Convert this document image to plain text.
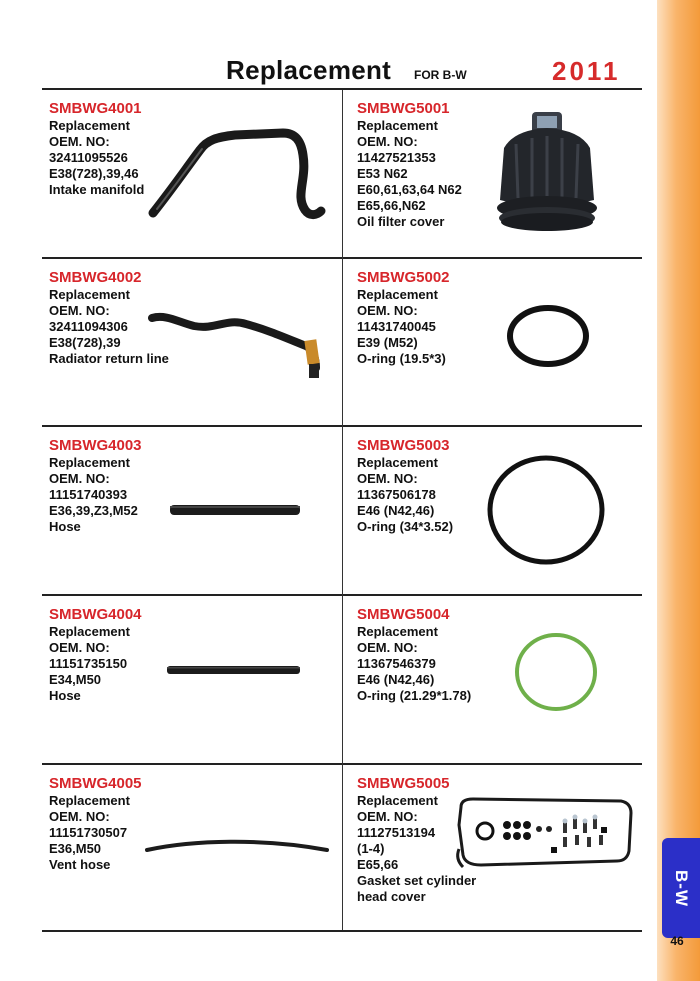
B-W
46
Replacement FOR B-W	2011
SMBWG4001
Replacement
OEM. NO:
32411095526
E38(728),39,46
Intake manifold
SMBWG5001
Replacement
OEM. NO:
11427521353
E53 N62
E60,61,63,64 N62
E65,66,N62
Oil filter cover
SMBWG4002
Replacement
OEM. NO:
32411094306
E38(728),39
Radiator return line
SMBWG5002
Replacement
OEM. NO:
11431740045
E39 (M52)
O-ring (19.5*3)
SMBWG4003
Replacement
OEM. NO:
11151740393
E36,39,Z3,M52
Hose
SMBWG5003
Replacement
OEM. NO:
11367506178
E46 (N42,46)
O-ring (34*3.52)
SMBWG4004
Replacement
OEM. NO:
11151735150
E34,M50
Hose
SMBWG5004
Replacement
OEM. NO:
11367546379
E46 (N42,46)
O-ring (21.29*1.78)
SMBWG4005
Replacement
OEM. NO:
11151730507
E36,M50
Vent hose
SMBWG5005
Replacement
OEM. NO:
11127513194
(1-4)
E65,66
Gasket set cylinder
head cover
